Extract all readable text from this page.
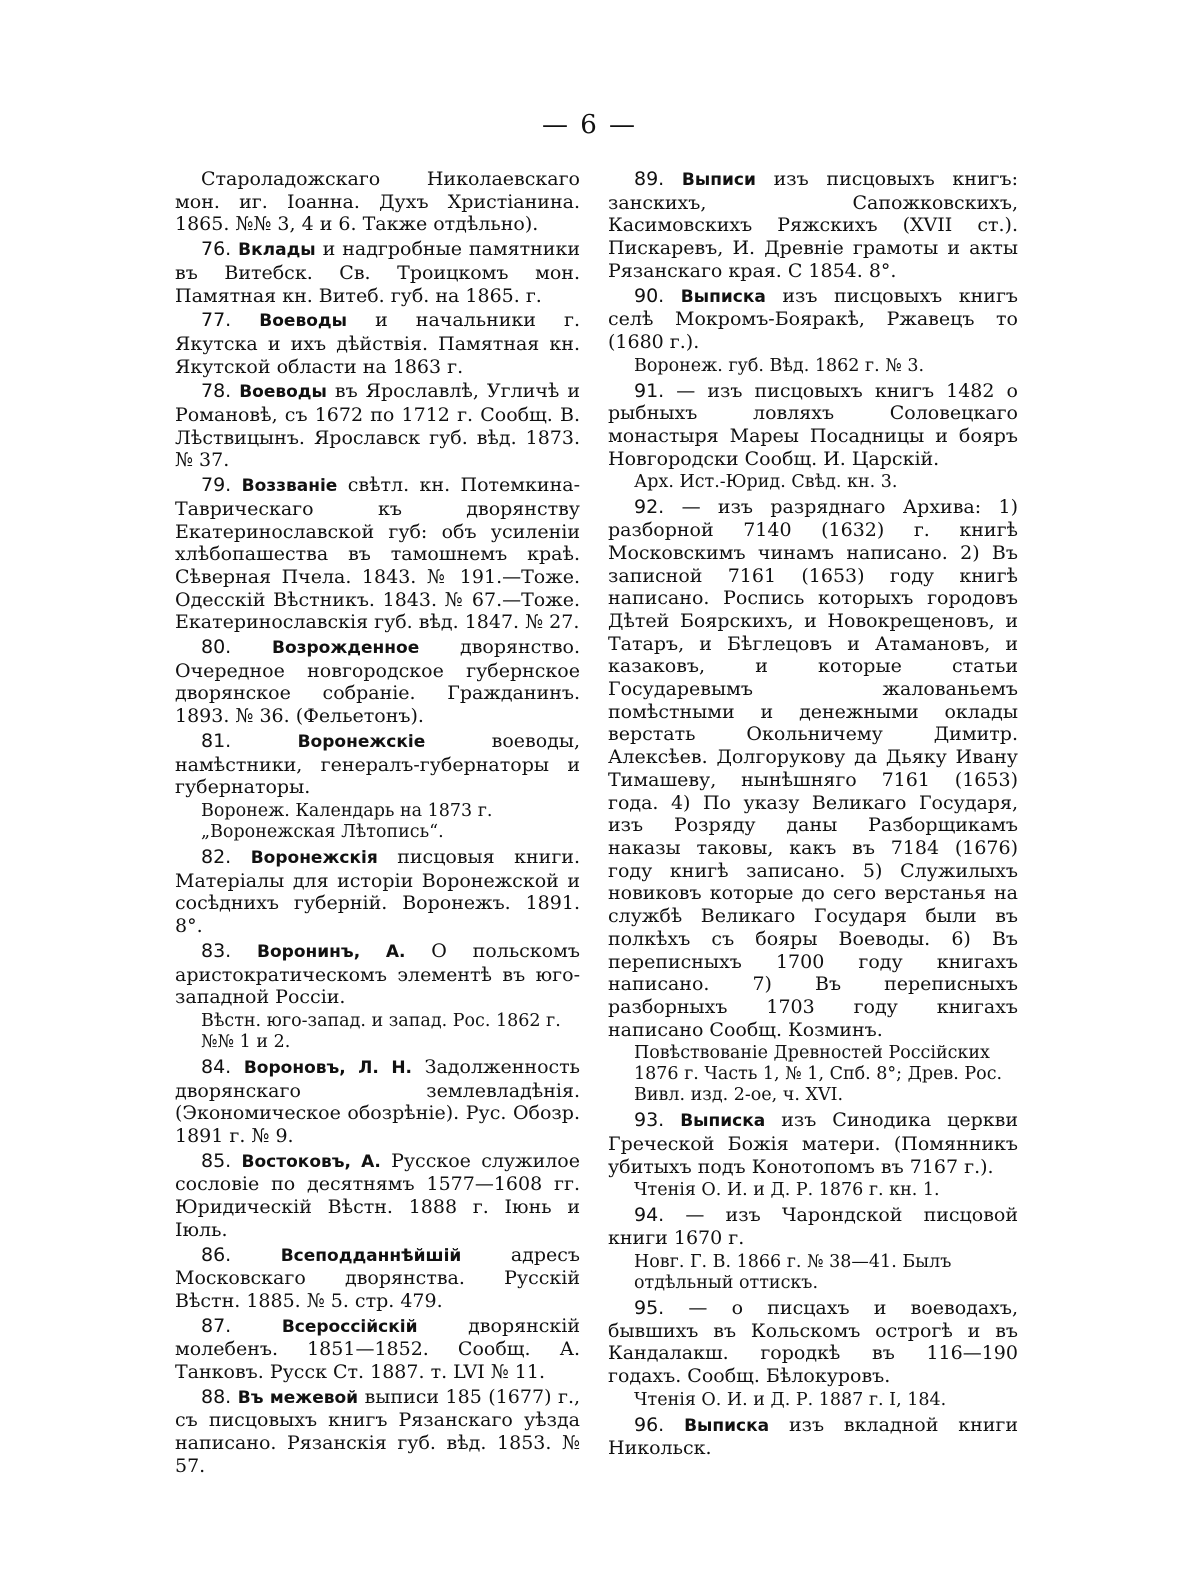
— 6 —

Староладожскаго Николаевскаго мон. иг. Іоанна. Духъ Христіанина. 1865. №№ 3, 4 и 6. Также отдѣльно).

76. Вклады и надгробные памятники въ Витебск. Св. Троицкомъ мон. Памятная кн. Витеб. губ. на 1865. г.

77. Воеводы и начальники г. Якутска и ихъ дѣйствія. Памятная кн. Якутской области на 1863 г.

78. Воеводы въ Ярославлѣ, Угличѣ и Романовѣ, съ 1672 по 1712 г. Сообщ. В. Лѣствицынъ. Ярославск губ. вѣд. 1873. № 37.

79. Воззваніе свѣтл. кн. Потемкина-Таврическаго къ дворянству Екатеринославской губ: объ усиленіи хлѣбопашества въ тамошнемъ краѣ. Сѣверная Пчела. 1843. № 191.—Тоже. Одесскій Вѣстникъ. 1843. № 67.—Тоже. Екатеринославскія губ. вѣд. 1847. № 27.

80. Возрожденное дворянство. Очередное новгородское губернское дворянское собраніе. Гражданинъ. 1893. № 36. (Фельетонъ).

81.	Воронежскіе	воеводы, намѣстники, генералъ-губернаторы и губернаторы.

Воронеж. Календарь на 1873 г. „Воронежская Лѣтопись“.

82. Воронежскія писцовыя книги. Матеріалы для исторіи Воронежской и сосѣднихъ губерній. Воронежъ. 1891. 8°.

83. Воронинъ, А. О польскомъ аристократическомъ элементѣ въ юго-западной Россіи.

Вѣстн. юго-запад. и запад. Рос. 1862 г. №№ 1 и 2.

84. Вороновъ, Л. Н. Задолженность дворянскаго землевладѣнія. (Экономическое обозрѣніе). Рус. Обозр. 1891 г. № 9.

85. Востоковъ, А. Русское служилое сословіе по десятнямъ 1577—1608 гг. Юридическій Вѣстн. 1888 г. Іюнь и Іюль.

86.	Всеподданнѣйшій	адресъ Московскаго дворянства. Русскій Вѣстн. 1885. № 5. стр. 479.

87.	Всероссійскій	дворянскій молебенъ. 1851—1852. Сообщ. А. Танковъ. Русск Ст. 1887. т. LVI № 11.

88. Въ межевой выписи 185 (1677) г., съ писцовыхъ книгъ Рязанскаго уѣзда написано. Рязанскія губ. вѣд. 1853. № 57.

89. Выписи изъ писцовыхъ книгъ: занскихъ, Сапожковскихъ, Касимовскихъ Ряжскихъ (XVII ст.). Пискаревъ, И. Древніе грамоты и акты Рязанскаго края. С 1854. 8°.

90. Выписка изъ писцовыхъ книгъ селѣ Мокромъ-Бояракѣ, Ржавецъ то (1680 г.).

Воронеж. губ. Вѣд. 1862 г. № 3.

91. — изъ писцовыхъ книгъ 1482 о рыбныхъ ловляхъ Соловецкаго монастыря Мареы Посадницы и бояръ Новгородски Сообщ. И. Царскій.

Арх. Ист.-Юрид. Свѣд. кн. 3.

92. — изъ разряднаго Архива: 1) разборной 7140 (1632) г. книгѣ Московскимъ чинамъ написано. 2) Въ записной 7161 (1653) году книгѣ написано. Роспись которыхъ городовъ Дѣтей Боярскихъ, и Новокрещеновъ, и Татаръ, и Бѣглецовъ и Атамановъ, и казаковъ, и которые статьи Государевымъ жалованьемъ помѣстными и денежными оклады верстать Окольничему Димитр. Алексѣев. Долгорукову да Дьяку Ивану Тимашеву, нынѣшняго 7161 (1653) года. 4) По указу Великаго Государя, изъ Розряду даны Разборщикамъ наказы таковы, какъ въ 7184 (1676) году книгѣ записано. 5) Служилыхъ новиковъ которые до сего верстанья на службѣ Великаго Государя были въ полкѣхъ съ бояры Воеводы. 6) Въ переписныхъ 1700 году книгахъ написано. 7) Въ переписныхъ разборныхъ 1703 году книгахъ написано Сообщ. Козминъ.

Повѣствованіе Древностей Россійских 1876 г. Часть 1, № 1, Спб. 8°; Древ. Рос. Вивл. изд. 2-ое, ч. XVI.

93. Выписка изъ Синодика церкви Греческой Божія матери. (Помянникъ убитыхъ подъ Конотопомъ въ 7167 г.).

Чтенія О. И. и Д. Р. 1876 г. кн. 1.

94. — изъ Чарондской писцовой книги 1670 г.

Новг. Г. В. 1866 г. № 38—41. Былъ отдѣльный оттискъ.

95. — о писцахъ и воеводахъ, бывшихъ въ Кольскомъ острогѣ и въ Кандалакш. городкѣ въ 116—190 годахъ. Сообщ. Бѣлокуровъ.

Чтенія О. И. и Д. Р. 1887 г. I, 184.

96. Выписка изъ вкладной книги Никольск.
